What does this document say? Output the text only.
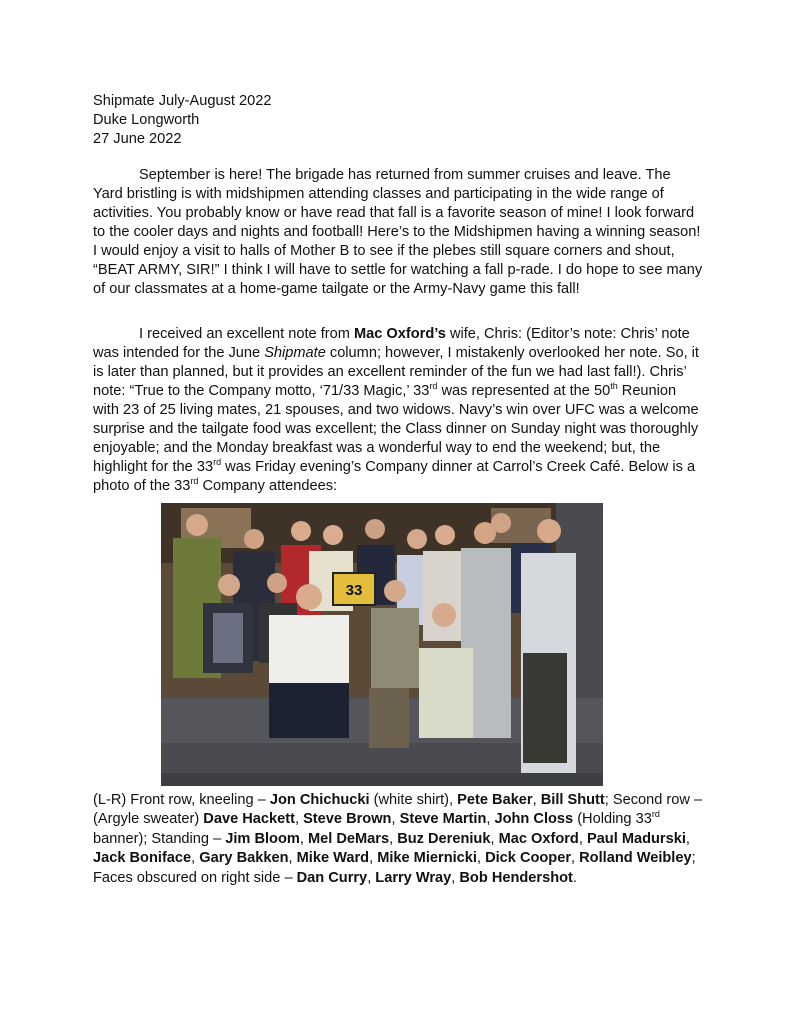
Shipmate July-August 2022
Duke Longworth
27 June 2022

September is here! The brigade has returned from summer cruises and leave. The Yard bristling is with midshipmen attending classes and participating in the wide range of activities. You probably know or have read that fall is a favorite season of mine! I look forward to the cooler days and nights and football! Here’s to the Midshipmen having a winning season! I would enjoy a visit to halls of Mother B to see if the plebes still square corners and shout, “BEAT ARMY, SIR!” I think I will have to settle for watching a fall p-rade. I do hope to see many of our classmates at a home-game tailgate or the Army-Navy game this fall!

I received an excellent note from Mac Oxford’s wife, Chris: (Editor’s note: Chris’ note was intended for the June Shipmate column; however, I mistakenly overlooked her note. So, it is later than planned, but it provides an excellent reminder of the fun we had last fall!). Chris’ note: “True to the Company motto, ‘71/33 Magic,’ 33rd was represented at the 50th Reunion with 23 of 25 living mates, 21 spouses, and two widows. Navy’s win over UFC was a welcome surprise and the tailgate food was excellent; the Class dinner on Sunday night was thoroughly enjoyable; and the Monday breakfast was a wonderful way to end the weekend; but, the highlight for the 33rd was Friday evening’s Company dinner at Carrol’s Creek Café. Below is a photo of the 33rd Company attendees:

33

(L-R) Front row, kneeling – Jon Chichucki (white shirt), Pete Baker, Bill Shutt; Second row – (Argyle sweater) Dave Hackett, Steve Brown, Steve Martin, John Closs (Holding 33rd banner); Standing – Jim Bloom, Mel DeMars, Buz Dereniuk, Mac Oxford, Paul Madurski, Jack Boniface, Gary Bakken, Mike Ward, Mike Miernicki, Dick Cooper, Rolland Weibley; Faces obscured on right side – Dan Curry, Larry Wray, Bob Hendershot.
